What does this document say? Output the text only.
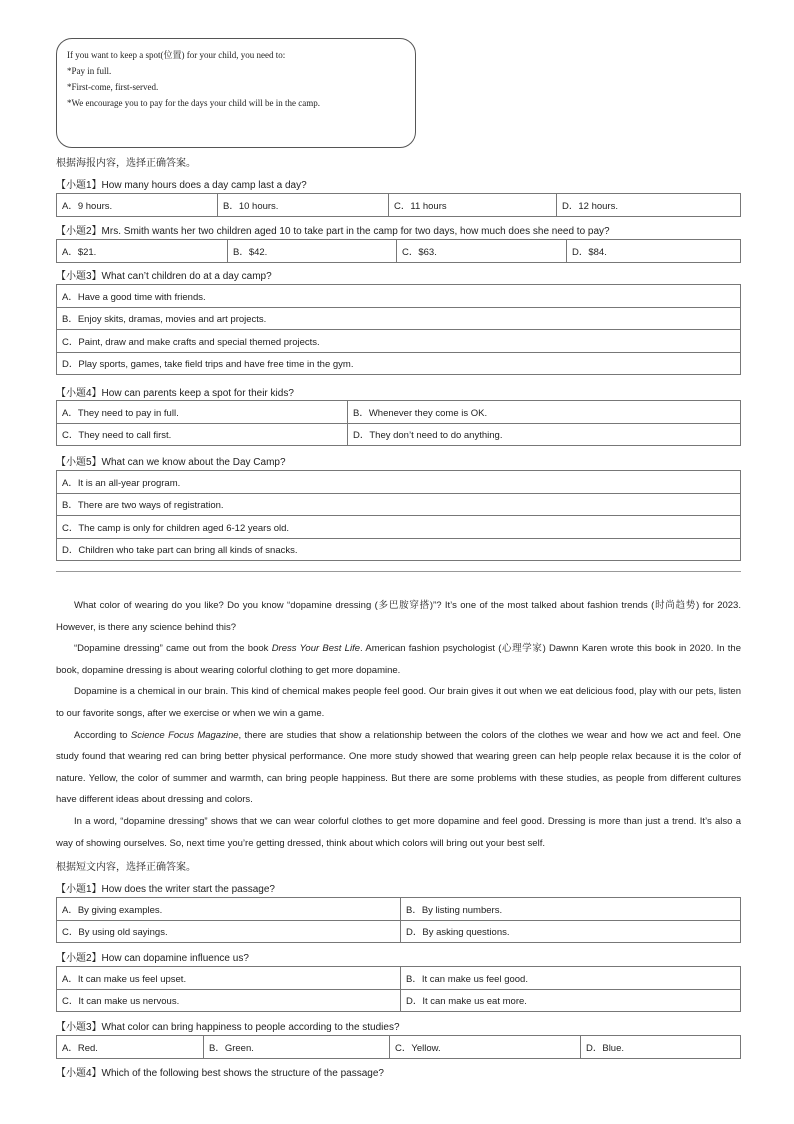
If you want to keep a spot(位置) for your child, you need to:
*Pay in full.
*First-come, first-served.
*We encourage you to pay for the days your child will be in the camp.
根据海报内容，选择正确答案。
【小题1】How many hours does a day camp last a day?
A．9 hours.	B．10 hours.	C．11 hours	D．12 hours.
【小题2】Mrs. Smith wants her two children aged 10 to take part in the camp for two days, how much does she need to pay?
A．$21.	B．$42.	C．$63.	D．$84.
【小题3】What can’t children do at a day camp?
A．Have a good time with friends.
B．Enjoy skits, dramas, movies and art projects.
C．Paint, draw and make crafts and special themed projects.
D．Play sports, games, take field trips and have free time in the gym.
【小题4】How can parents keep a spot for their kids?
A．They need to pay in full.	B．Whenever they come is OK.
C．They need to call first.	D．They don’t need to do anything.
【小题5】What can we know about the Day Camp?
A．It is an all-year program.
B．There are two ways of registration.
C．The camp is only for children aged 6-12 years old.
D．Children who take part can bring all kinds of snacks.

What color of wearing do you like? Do you know “dopamine dressing (多巴胺穿搭)”? It’s one of the most talked about fashion trends (时尚趋势) for 2023. However, is there any science behind this?

“Dopamine dressing” came out from the book Dress Your Best Life. American fashion psychologist (心理学家) Dawnn Karen wrote this book in 2020. In the book, dopamine dressing is about wearing colorful clothing to get more dopamine.

Dopamine is a chemical in our brain. This kind of chemical makes people feel good. Our brain gives it out when we eat delicious food, play with our pets, listen to our favorite songs, after we exercise or when we win a game.

According to Science Focus Magazine, there are studies that show a relationship between the colors of the clothes we wear and how we act and feel. One study found that wearing red can bring better physical performance. One more study showed that wearing green can help people relax because it is the color of nature. Yellow, the color of summer and warmth, can bring people happiness. But there are some problems with these studies, as people from different cultures have different ideas about dressing and colors.

In a word, “dopamine dressing” shows that we can wear colorful clothes to get more dopamine and feel good. Dressing is more than just a trend. It’s also a way of showing ourselves. So, next time you’re getting dressed, think about which colors will bring out your best self.

根据短文内容，选择正确答案。
【小题1】How does the writer start the passage?
A．By giving examples.	B．By listing numbers.
C．By using old sayings.	D．By asking questions.
【小题2】How can dopamine influence us?
A．It can make us feel upset.	B．It can make us feel good.
C．It can make us nervous.	D．It can make us eat more.
【小题3】What color can bring happiness to people according to the studies?
A．Red.	B．Green.	C．Yellow.	D．Blue.
【小题4】Which of the following best shows the structure of the passage?
